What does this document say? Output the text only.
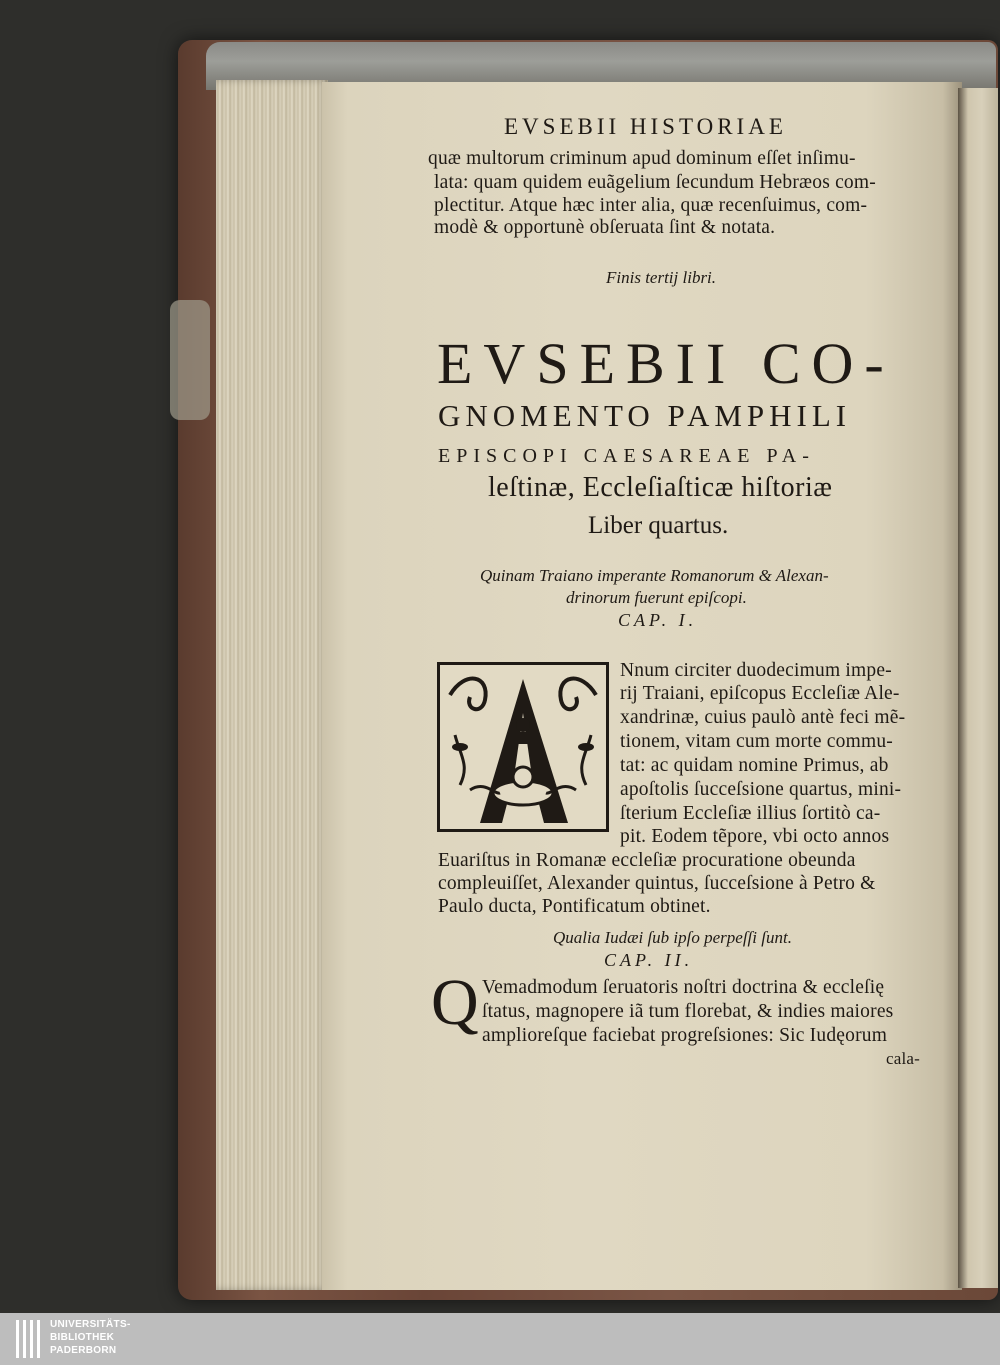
EVSEBII HISTORIAE
quæ multorum criminum apud dominum eſſet inſimu-
lata: quam quidem euãgelium ſecundum Hebræos com-
plectitur. Atque hæc inter alia, quæ recenſuimus, com-
modè & opportunè obſeruata ſint & notata.
Finis tertij libri.
EVSEBII CO-
GNOMENTO PAMPHILI
EPISCOPI CAESAREAE PA-
leſtinæ, Eccleſiaſticæ hiſtoriæ
Liber quartus.
Quinam Traiano imperante Romanorum & Alexan-
drinorum fuerunt epiſcopi.
CAP. I.
Nnum circiter duodecimum impe-
rij Traiani, epiſcopus Eccleſiæ Ale-
xandrinæ, cuius paulò antè feci mẽ-
tionem, vitam cum morte commu-
tat: ac quidam nomine Primus, ab
apoſtolis ſucceſsione quartus, mini-
ſterium Eccleſiæ illius ſortitò ca-
pit. Eodem tẽpore, vbi octo annos
Euariſtus in Romanæ eccleſiæ procuratione obeunda
compleuiſſet, Alexander quintus, ſucceſsione à Petro &
Paulo ducta, Pontificatum obtinet.
Qualia Iudæi ſub ipſo perpeſſi ſunt.
CAP. II.
Q Vemadmodum ſeruatoris noſtri doctrina & eccleſię
ſtatus, magnopere iã tum florebat, & indies maiores
amplioreſque faciebat progreſsiones: Sic Iudęorum
cala-
UNIVERSITÄTS-
BIBLIOTHEK
PADERBORN
